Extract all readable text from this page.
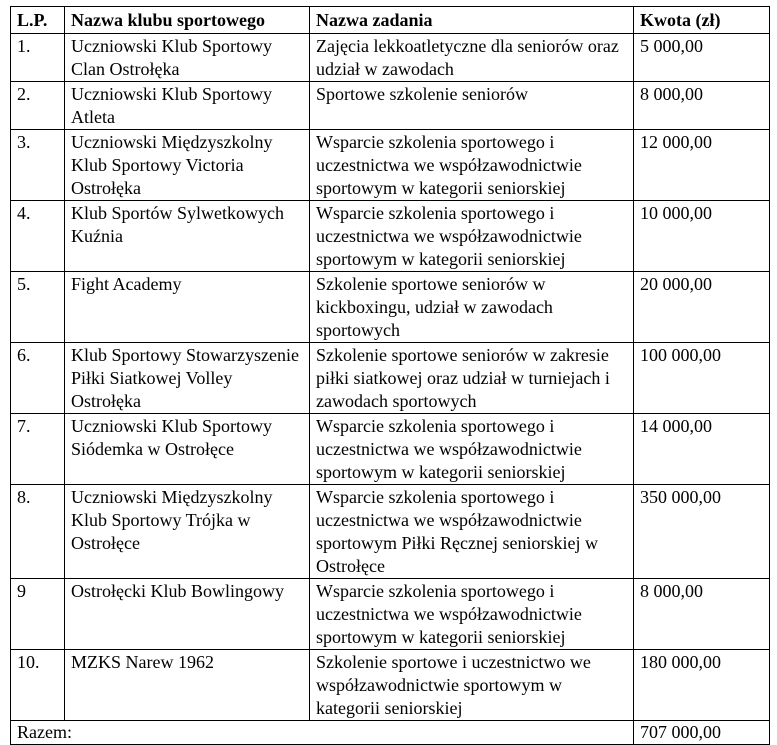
L.P.	Nazwa klubu sportowego	Nazwa zadania	Kwota (zł)
1.	Uczniowski Klub Sportowy Clan Ostrołęka	Zajęcia lekkoatletyczne dla seniorów oraz udział w zawodach	5 000,00
2.	Uczniowski Klub Sportowy Atleta	Sportowe szkolenie seniorów	8 000,00
3.	Uczniowski Międzyszkolny Klub Sportowy Victoria Ostrołęka	Wsparcie szkolenia sportowego i uczestnictwa we współzawodnictwie sportowym w kategorii seniorskiej	12 000,00
4.	Klub Sportów Sylwetkowych Kuźnia	Wsparcie szkolenia sportowego i uczestnictwa we współzawodnictwie sportowym w kategorii seniorskiej	10 000,00
5.	Fight Academy	Szkolenie sportowe seniorów w kickboxingu, udział w zawodach sportowych	20 000,00
6.	Klub Sportowy Stowarzyszenie Piłki Siatkowej Volley Ostrołęka	Szkolenie sportowe seniorów w zakresie piłki siatkowej oraz udział w turniejach i zawodach sportowych	100 000,00
7.	Uczniowski Klub Sportowy Siódemka w Ostrołęce	Wsparcie szkolenia sportowego i uczestnictwa we współzawodnictwie sportowym w kategorii seniorskiej	14 000,00
8.	Uczniowski Międzyszkolny Klub Sportowy Trójka w Ostrołęce	Wsparcie szkolenia sportowego i uczestnictwa we współzawodnictwie sportowym Piłki Ręcznej seniorskiej w Ostrołęce	350 000,00
9	Ostrołęcki Klub Bowlingowy	Wsparcie szkolenia sportowego i uczestnictwa we współzawodnictwie sportowym w kategorii seniorskiej	8 000,00
10.	MZKS Narew 1962	Szkolenie sportowe i uczestnictwo we współzawodnictwie sportowym w kategorii seniorskiej	180 000,00
Razem:			707 000,00
